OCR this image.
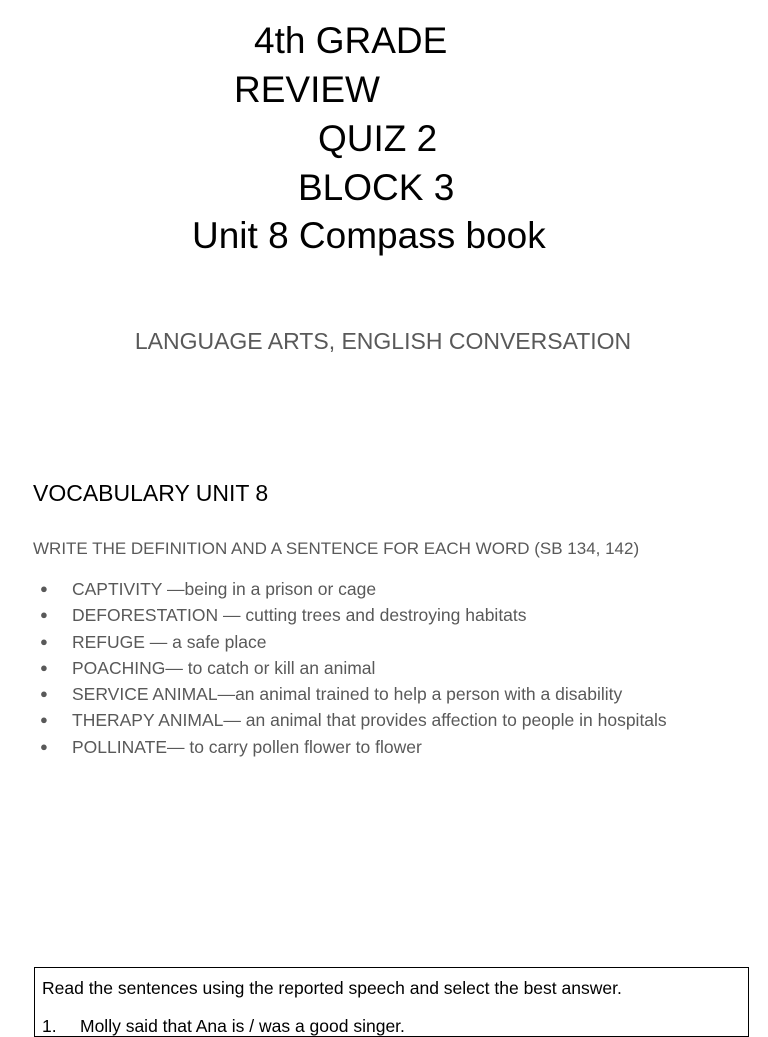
4th GRADE
REVIEW
QUIZ 2
BLOCK 3
Unit 8 Compass book
LANGUAGE ARTS, ENGLISH CONVERSATION
VOCABULARY UNIT 8
WRITE THE DEFINITION AND A SENTENCE FOR EACH WORD (SB 134, 142)
● CAPTIVITY —being in a prison or cage
● DEFORESTATION — cutting trees and destroying habitats
● REFUGE — a safe place
● POACHING— to catch or kill an animal
● SERVICE ANIMAL—an animal trained to help a person with a disability
● THERAPY ANIMAL— an animal that provides affection to people in hospitals
● POLLINATE— to carry pollen flower to flower
Read the sentences using the reported speech and select the best answer.
1. Molly said that Ana is / was a good singer.
